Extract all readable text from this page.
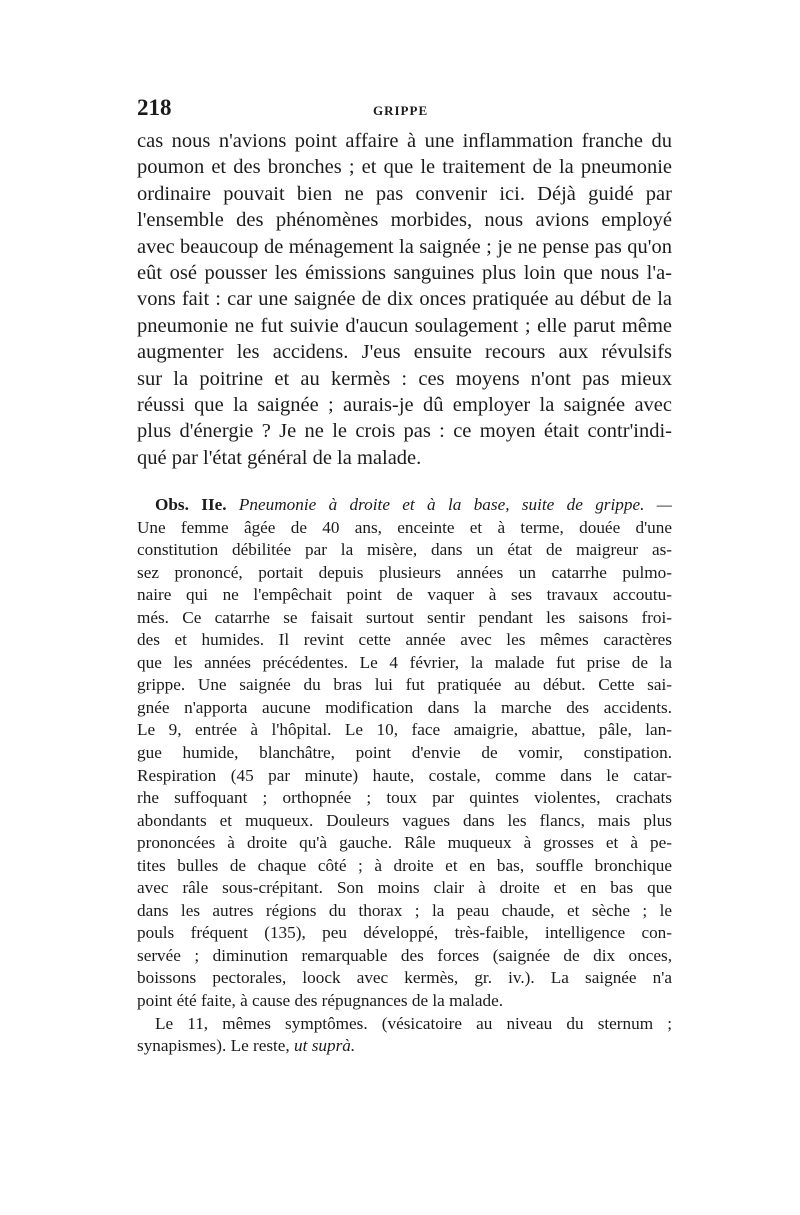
218	GRIPPE
cas nous n'avions point affaire à une inflammation franche du
poumon et des bronches ; et que le traitement de la pneumonie
ordinaire pouvait bien ne pas convenir ici. Déjà guidé par
l'ensemble des phénomènes morbides, nous avions employé
avec beaucoup de ménagement la saignée ; je ne pense pas qu'on
eût osé pousser les émissions sanguines plus loin que nous l'a-
vons fait : car une saignée de dix onces pratiquée au début de la
pneumonie ne fut suivie d'aucun soulagement ; elle parut même
augmenter les accidens. J'eus ensuite recours aux révulsifs
sur la poitrine et au kermès : ces moyens n'ont pas mieux
réussi que la saignée ; aurais-je dû employer la saignée avec
plus d'énergie ? Je ne le crois pas : ce moyen était contr'indi-
qué par l'état général de la malade.
Obs. IIe. Pneumonie à droite et à la base, suite de grippe. —
Une femme âgée de 40 ans, enceinte et à terme, douée d'une
constitution débilitée par la misère, dans un état de maigreur as-
sez prononcé, portait depuis plusieurs années un catarrhe pulmo-
naire qui ne l'empêchait point de vaquer à ses travaux accoutu-
més. Ce catarrhe se faisait surtout sentir pendant les saisons froi-
des et humides. Il revint cette année avec les mêmes caractères
que les années précédentes. Le 4 février, la malade fut prise de la
grippe. Une saignée du bras lui fut pratiquée au début. Cette sai-
gnée n'apporta aucune modification dans la marche des accidents.
Le 9, entrée à l'hôpital. Le 10, face amaigrie, abattue, pâle, lan-
gue humide, blanchâtre, point d'envie de vomir, constipation.
Respiration (45 par minute) haute, costale, comme dans le catar-
rhe suffoquant ; orthopnée ; toux par quintes violentes, crachats
abondants et muqueux. Douleurs vagues dans les flancs, mais plus
prononcées à droite qu'à gauche. Râle muqueux à grosses et à pe-
tites bulles de chaque côté ; à droite et en bas, souffle bronchique
avec râle sous-crépitant. Son moins clair à droite et en bas que
dans les autres régions du thorax ; la peau chaude, et sèche ; le
pouls fréquent (135), peu développé, très-faible, intelligence con-
servée ; diminution remarquable des forces (saignée de dix onces,
boissons pectorales, loock avec kermès, gr. iv.). La saignée n'a
point été faite, à cause des répugnances de la malade.
Le 11, mêmes symptômes. (vésicatoire au niveau du sternum ;
synapismes). Le reste, ut suprà.
